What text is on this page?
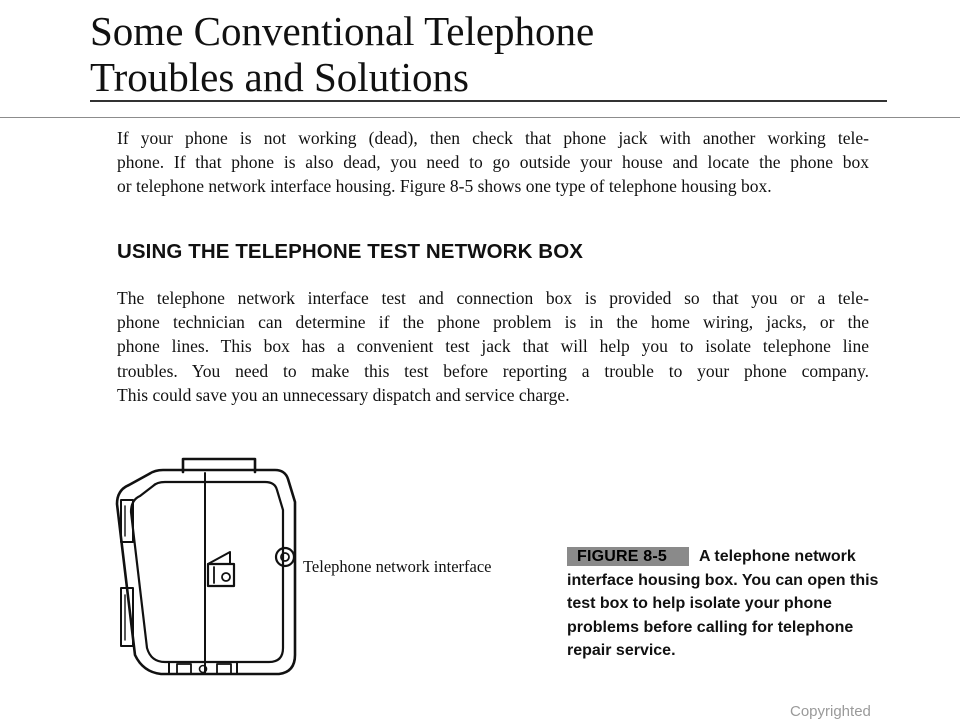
Some Conventional Telephone
Troubles and Solutions

If your phone is not working (dead), then check that phone jack with another working tele-
phone. If that phone is also dead, you need to go outside your house and locate the phone box
or telephone network interface housing. Figure 8-5 shows one type of telephone housing box.

USING THE TELEPHONE TEST NETWORK BOX

The telephone network interface test and connection box is provided so that you or a tele-
phone technician can determine if the phone problem is in the home wiring, jacks, or the
phone lines. This box has a convenient test jack that will help you to isolate telephone line
troubles. You need to make this test before reporting a trouble to your phone company.
This could save you an unnecessary dispatch and service charge.

Telephone network interface

FIGURE 8-5 A telephone network interface housing box. You can open this test box to help isolate your phone problems before calling for telephone repair service.

Copyrighted
